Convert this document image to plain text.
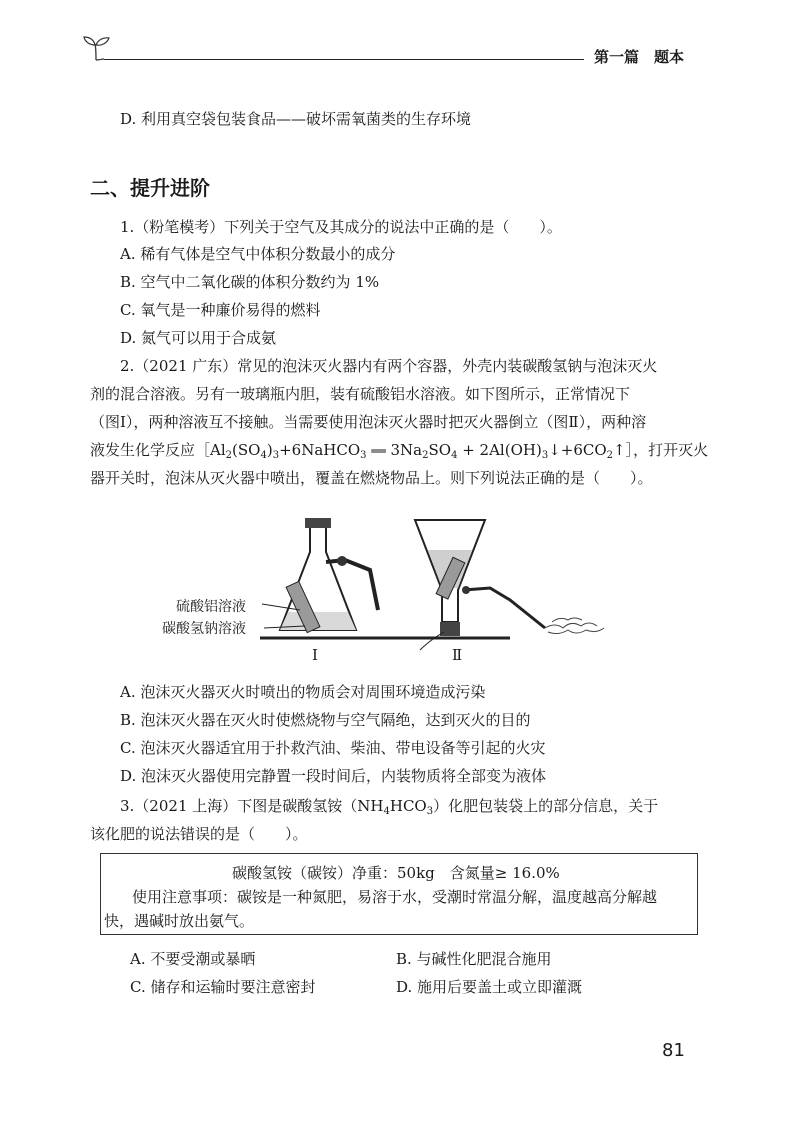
第一篇　题本
D. 利用真空袋包装食品——破坏需氧菌类的生存环境
二、提升进阶
1.（粉笔模考）下列关于空气及其成分的说法中正确的是（　　）。
A. 稀有气体是空气中体积分数最小的成分
B. 空气中二氧化碳的体积分数约为 1%
C. 氧气是一种廉价易得的燃料
D. 氮气可以用于合成氨
2.（2021 广东）常见的泡沫灭火器内有两个容器，外壳内装碳酸氢钠与泡沫灭火
剂的混合溶液。另有一玻璃瓶内胆，装有硫酸铝水溶液。如下图所示，正常情况下
（图Ⅰ），两种溶液互不接触。当需要使用泡沫灭火器时把灭火器倒立（图Ⅱ），两种溶
液发生化学反应$[Al_2(SO_4)_3+6NaHCO_3$ ══ $3Na_2SO_4$ + $2Al(OH)_3↓+6CO_2↑]$，打开灭火
器开关时，泡沫从灭火器中喷出，覆盖在燃烧物品上。则下列说法正确的是（　　）。
硫酸铝溶液
碳酸氢钠溶液
Ⅰ	Ⅱ
A. 泡沫灭火器灭火时喷出的物质会对周围环境造成污染
B. 泡沫灭火器在灭火时使燃烧物与空气隔绝，达到灭火的目的
C. 泡沫灭火器适宜用于扑救汽油、柴油、带电设备等引起的火灾
D. 泡沫灭火器使用完静置一段时间后，内装物质将全部变为液体
3.（2021 上海）下图是碳酸氢铵$(NH_4HCO_3)$化肥包装袋上的部分信息，关于
该化肥的说法错误的是（　　）。
碳酸氢铵（碳铵）净重：50kg　含氮量≥ 16.0%
使用注意事项：碳铵是一种氮肥，易溶于水，受潮时常温分解，温度越高分解越
快，遇碱时放出氨气。
A. 不要受潮或暴晒	B. 与碱性化肥混合施用
C. 储存和运输时要注意密封	D. 施用后要盖土或立即灌溉
81
